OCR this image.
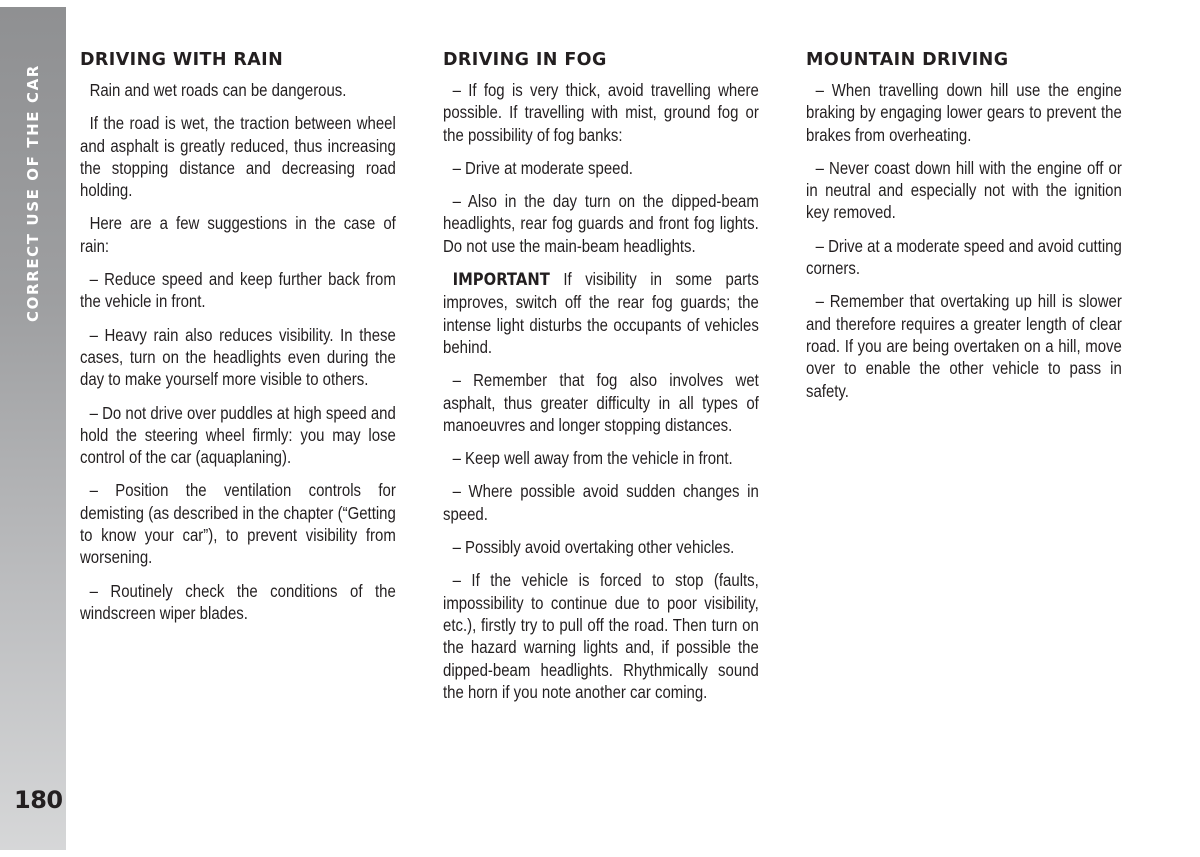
CORRECT USE OF THE CAR
180
DRIVING WITH RAIN

Rain and wet roads can be dangerous.

If the road is wet, the traction between wheel and asphalt is greatly reduced, thus increasing the stopping distance and decreasing road holding.

Here are a few suggestions in the case of rain:

– Reduce speed and keep further back from the vehicle in front.

– Heavy rain also reduces visibility. In these cases, turn on the headlights even during the day to make yourself more visible to others.

– Do not drive over puddles at high speed and hold the steering wheel firmly: you may lose control of the car (aquaplaning).

– Position the ventilation controls for demisting (as described in the chapter (“Getting to know your car”), to prevent visibility from worsening.

– Routinely check the conditions of the windscreen wiper blades.

DRIVING IN FOG

– If fog is very thick, avoid travelling where possible. If travelling with mist, ground fog or the possibility of fog banks:

– Drive at moderate speed.

– Also in the day turn on the dipped-beam headlights, rear fog guards and front fog lights. Do not use the main-beam headlights.

IMPORTANT If visibility in some parts improves, switch off the rear fog guards; the intense light disturbs the occupants of vehicles behind.

– Remember that fog also involves wet asphalt, thus greater difficulty in all types of manoeuvres and longer stopping distances.

– Keep well away from the vehicle in front.

– Where possible avoid sudden changes in speed.

– Possibly avoid overtaking other vehicles.

– If the vehicle is forced to stop (faults, impossibility to continue due to poor visibility, etc.), firstly try to pull off the road. Then turn on the hazard warning lights and, if possible the dipped-beam headlights. Rhythmically sound the horn if you note another car coming.

MOUNTAIN DRIVING

– When travelling down hill use the engine braking by engaging lower gears to prevent the brakes from overheating.

– Never coast down hill with the engine off or in neutral and especially not with the ignition key removed.

– Drive at a moderate speed and avoid cutting corners.

– Remember that overtaking up hill is slower and therefore requires a greater length of clear road. If you are being overtaken on a hill, move over to enable the other vehicle to pass in safety.
